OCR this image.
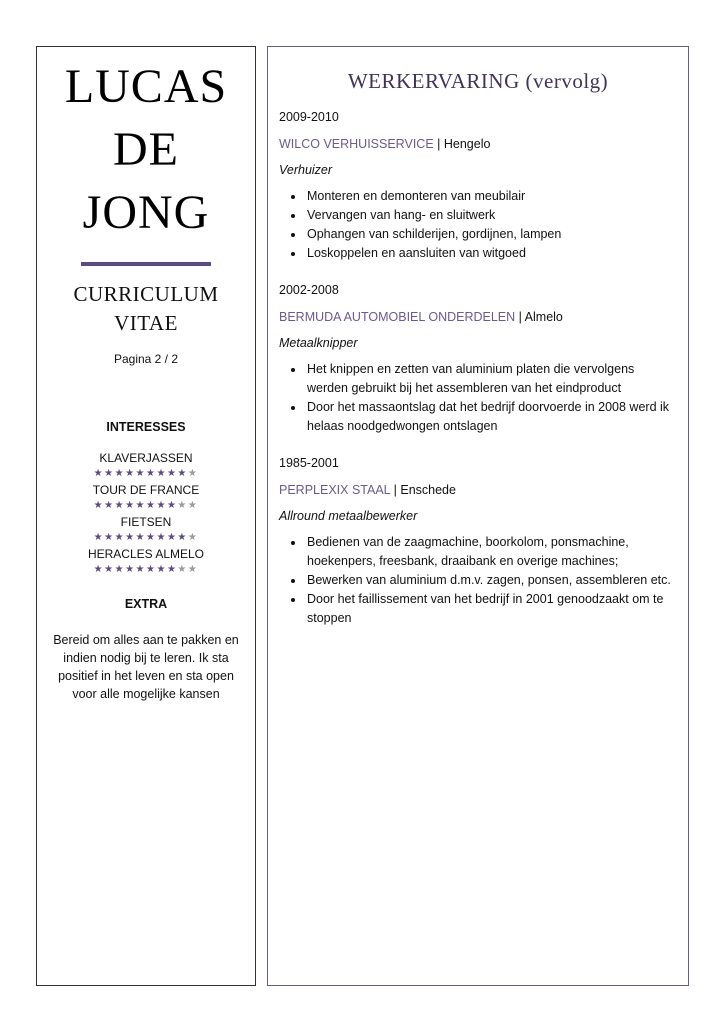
LUCAS
DE
JONG
CURRICULUM
VITAE
Pagina 2 / 2
INTERESSES
KLAVERJASSEN
★★★★★★★★★★
TOUR DE FRANCE
★★★★★★★★★★
FIETSEN
★★★★★★★★★★
HERACLES ALMELO
★★★★★★★★★★
EXTRA
Bereid om alles aan te pakken en indien nodig bij te leren. Ik sta positief in het leven en sta open voor alle mogelijke kansen
WERKERVARING (vervolg)
2009-2010
WILCO VERHUISSERVICE | Hengelo
Verhuizer
• Monteren en demonteren van meubilair
• Vervangen van hang- en sluitwerk
• Ophangen van schilderijen, gordijnen, lampen
• Loskoppelen en aansluiten van witgoed
2002-2008
BERMUDA AUTOMOBIEL ONDERDELEN | Almelo
Metaalknipper
• Het knippen en zetten van aluminium platen die vervolgens werden gebruikt bij het assembleren van het eindproduct
• Door het massaontslag dat het bedrijf doorvoerde in 2008 werd ik helaas noodgedwongen ontslagen
1985-2001
PERPLEXIX STAAL | Enschede
Allround metaalbewerker
• Bedienen van de zaagmachine, boorkolom, ponsmachine, hoekenpers, freesbank, draaibank en overige machines;
• Bewerken van aluminium d.m.v. zagen, ponsen, assembleren etc.
• Door het faillissement van het bedrijf in 2001 genoodzaakt om te stoppen
